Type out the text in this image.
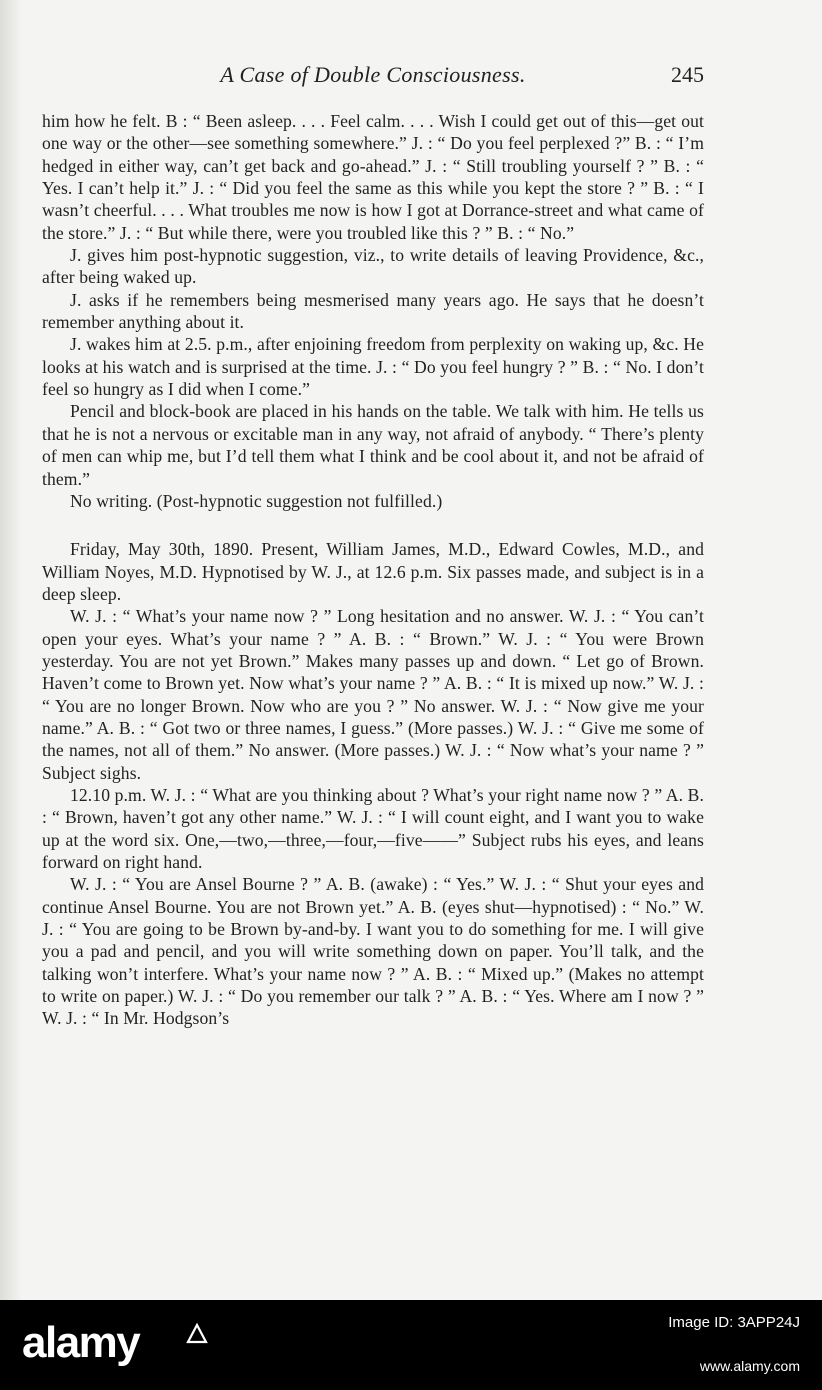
A Case of Double Consciousness.	245

him how he felt. B : “ Been asleep. . . . Feel calm. . . . Wish I could get out of this—get out one way or the other—see something somewhere.” J. : “ Do you feel perplexed ?” B. : “ I’m hedged in either way, can’t get back and go-ahead.” J. : “ Still troubling yourself ? ” B. : “ Yes. I can’t help it.” J. : “ Did you feel the same as this while you kept the store ? ” B. : “ I wasn’t cheerful. . . . What troubles me now is how I got at Dorrance-street and what came of the store.” J. : “ But while there, were you troubled like this ? ” B. : “ No.”

J. gives him post-hypnotic suggestion, viz., to write details of leaving Providence, &c., after being waked up.

J. asks if he remembers being mesmerised many years ago. He says that he doesn’t remember anything about it.

J. wakes him at 2.5. p.m., after enjoining freedom from perplexity on waking up, &c. He looks at his watch and is surprised at the time. J. : “ Do you feel hungry ? ” B. : “ No. I don’t feel so hungry as I did when I come.”

Pencil and block-book are placed in his hands on the table. We talk with him. He tells us that he is not a nervous or excitable man in any way, not afraid of anybody. “ There’s plenty of men can whip me, but I’d tell them what I think and be cool about it, and not be afraid of them.”

No writing. (Post-hypnotic suggestion not fulfilled.)

Friday, May 30th, 1890. Present, William James, M.D., Edward Cowles, M.D., and William Noyes, M.D. Hypnotised by W. J., at 12.6 p.m. Six passes made, and subject is in a deep sleep.

W. J. : “ What’s your name now ? ” Long hesitation and no answer. W. J. : “ You can’t open your eyes. What’s your name ? ” A. B. : “ Brown.” W. J. : “ You were Brown yesterday. You are not yet Brown.” Makes many passes up and down. “ Let go of Brown. Haven’t come to Brown yet. Now what’s your name ? ” A. B. : “ It is mixed up now.” W. J. : “ You are no longer Brown. Now who are you ? ” No answer. W. J. : “ Now give me your name.” A. B. : “ Got two or three names, I guess.” (More passes.) W. J. : “ Give me some of the names, not all of them.” No answer. (More passes.) W. J. : “ Now what’s your name ? ” Subject sighs.

12.10 p.m. W. J. : “ What are you thinking about ? What’s your right name now ? ” A. B. : “ Brown, haven’t got any other name.” W. J. : “ I will count eight, and I want you to wake up at the word six. One,—two,—three,—four,—five——” Subject rubs his eyes, and leans forward on right hand.

W. J. : “ You are Ansel Bourne ? ” A. B. (awake) : “ Yes.” W. J. : “ Shut your eyes and continue Ansel Bourne. You are not Brown yet.” A. B. (eyes shut—hypnotised) : “ No.” W. J. : “ You are going to be Brown by-and-by. I want you to do something for me. I will give you a pad and pencil, and you will write something down on paper. You’ll talk, and the talking won’t interfere. What’s your name now ? ” A. B. : “ Mixed up.” (Makes no attempt to write on paper.) W. J. : “ Do you remember our talk ? ” A. B. : “ Yes. Where am I now ? ” W. J. : “ In Mr. Hodgson’s

alamy	Image ID: 3APP24J
www.alamy.com
